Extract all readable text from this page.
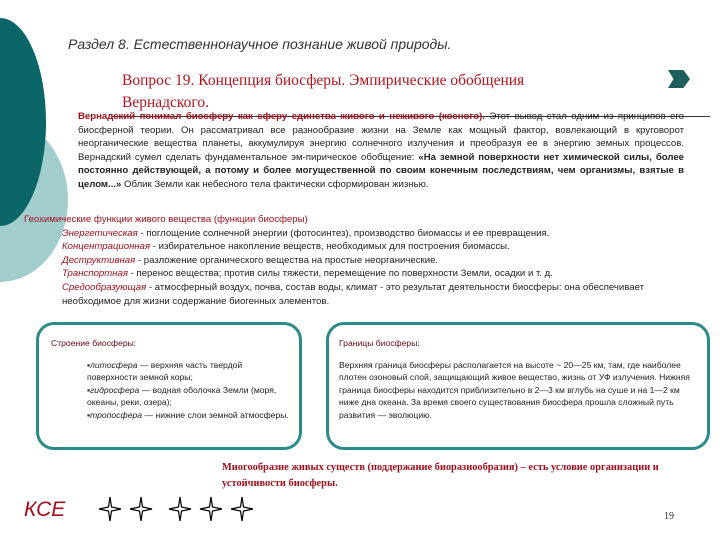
Раздел 8. Естественнонаучное познание живой природы.
Вопрос 19. Концепция биосферы. Эмпирические обобщения Вернадского.
Вернадский понимал биосферу как сферу единства живого и неживого (косного). Этот вывод стал одним из принципов его биосферной теории. Он рассматривал все разнообразие жизни на Земле как мощный фактор, вовлекающий в круговорот неорганические вещества планеты, аккумулируя энергию солнечного излучения и преобразуя ее в энергию земных процессов. Вернадский сумел сделать фундаментальное эм-пирическое обобщение: «На земной поверхности нет химической силы, более постоянно действующей, а потому и более могущественной по своим конечным последствиям, чем организмы, взятые в целом...» Облик Земли как небесного тела фактически сформирован жизнью.
Геохимические функции живого вещества (функции биосферы)
Энергетическая - поглощение солнечной энергии (фотосинтез), производство биомассы и ее превращения.
Концентрационная - избирательное накопление веществ, необходимых для построения биомассы.
Деструктивная - разложение органического вещества на простые неорганические.
Транспортная - перенос вещества; против силы тяжести, перемещение по поверхности Земли, осадки и т. д.
Средообразующая - атмосферный воздух, почва, состав воды, климат - это результат деятельности биосферы: она обеспечивает необходимое для жизни содержание биогенных элементов.
Строение биосферы:
▪литосфера — верхняя часть твердой поверхности земной коры;
▪гидросфера — водная оболочка Земли (моря, океаны, реки, озера);
▪тропосфера — нижние слои земной атмосферы.
Границы биосферы:
Верхняя граница биосферы располагается на высоте ~ 20—25 км, там, где наиболее плотен озоновый слой, защищающий живое вещество, жизнь от УФ излучения. Нижняя граница биосферы находится приблизительно в 2—3 км вглубь на суше и на 1—2 км ниже дна океана. За время своего существования биосфера прошла сложный путь развития — эволюцию.
Многообразие живых существ (поддержание биоразнообразия) – есть условие организации и устойчивости биосферы.
КСЕ	19
